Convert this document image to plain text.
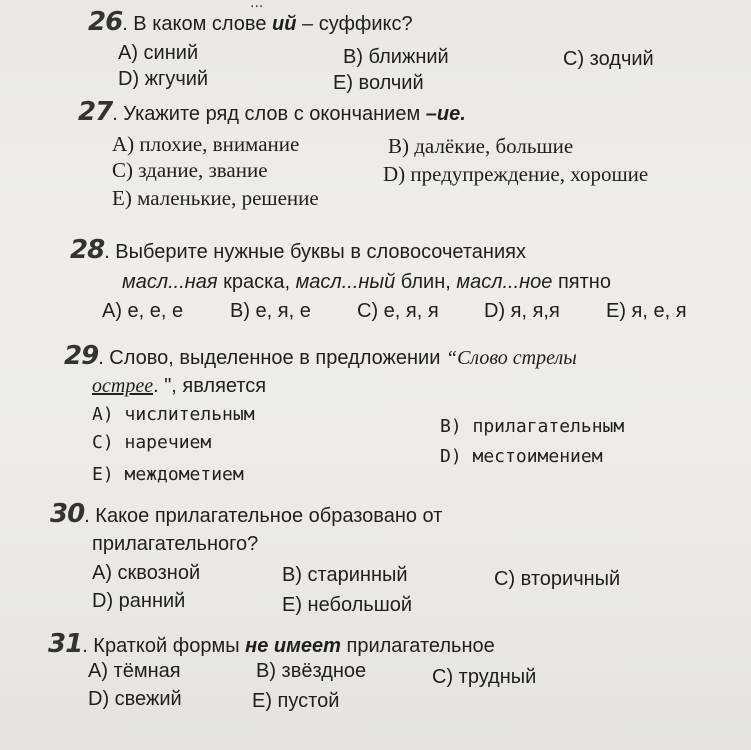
...
26. В каком слове ий – суффикс?
A) синий	B) ближний	C) зодчий
D) жгучий	E) волчий
27. Укажите ряд слов с окончанием –ие.
A) плохие, внимание	B) далёкие, большие
C) здание, звание	D) предупреждение, хорошие
E) маленькие, решение
28. Выберите нужные буквы в словосочетаниях
масл...ная краска, масл...ный блин, масл...ное пятно
A) е, е, е B) е, я, е C) е, я, я D) я, я,я E) я, е, я
29. Слово, выделенное в предложении “Слово стрелы
острее. ", является
A) числительным
B) прилагательным
C) наречием
D) местоимением
E) междометием
30. Какое прилагательное образовано от
прилагательного?
A) сквозной	B) старинный	C) вторичный
D) ранний	E) небольшой
31. Краткой формы не имеет прилагательное
A) тёмная	B) звёздное	C) трудный
D) свежий	E) пустой
